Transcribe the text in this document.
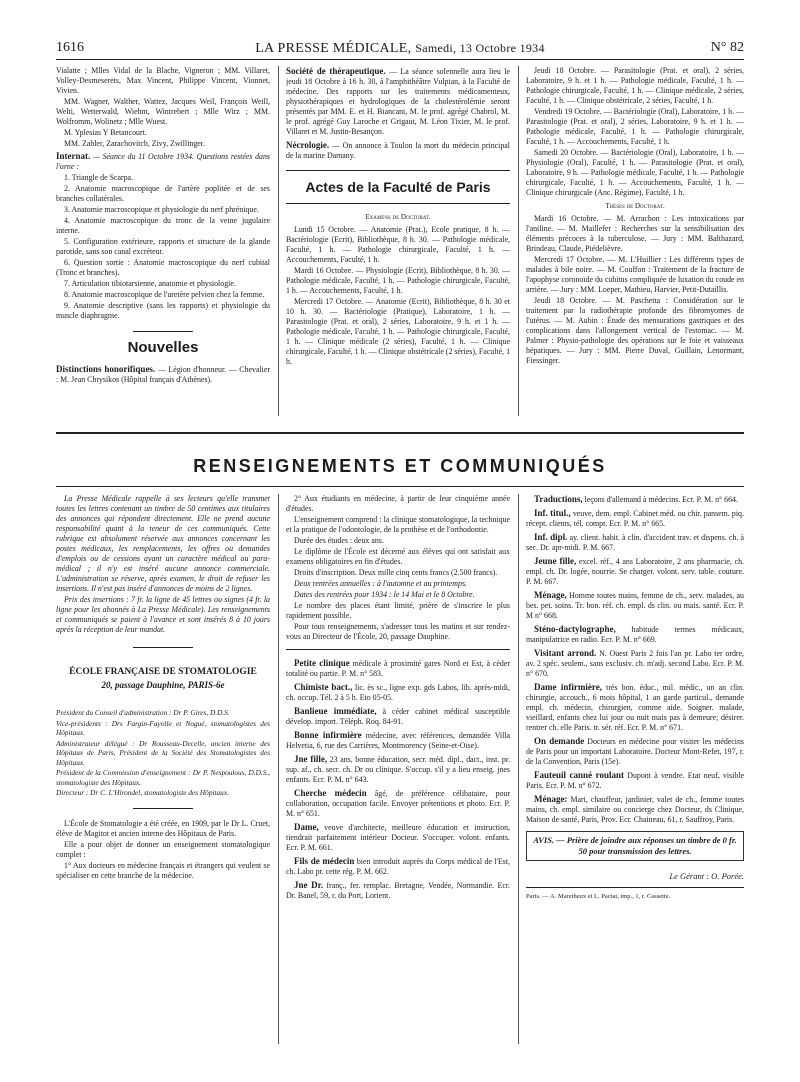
1616	LA PRESSE MÉDICALE, Samedi, 13 Octobre 1934	N° 82

Vialatte ; Mlles Vidal de la Blache, Vigneron ; MM. Villaret, Volley-Desmeserets, Max Vincent, Philippe Vincent, Vionnet, Vivien.

MM. Wagner, Walther, Wattez, Jacques Weil, François Weill, Welti, Wetterwald, Wiehm, Wintrebert ; Mlle Wirz ; MM. Wolfromm, Wolinetz ; Mlle Wuest.

M. Yplesias Y Betancourt.

MM. Zahler, Zarachovitch, Zivy, Zwillinger.

Internat. — Séance du 11 Octobre 1934. Questions restées dans l'urne :

1. Triangle de Scarpa.

2. Anatomie macroscopique de l'artère poplitée et de ses branches collatérales.

3. Anatomie macroscopique et physiologie du nerf phrénique.

4. Anatomie macroscopique du tronc de la veine jugulaire interne.

5. Configuration extérieure, rapports et structure de la glande parotide, sans son canal excréteur.

6. Question sortie : Anatomie macroscopique du nerf cubital (Tronc et branches).

7. Articulation tibiotarsienne, anatomie et physiologie.

8. Anatomie macroscopique de l'uretère pelvien chez la femme.

9. Anatomie descriptive (sans les rapports) et physiologie du muscle diaphragme.

Nouvelles

Distinctions honorifiques. — Légion d'honneur. — Chevalier : M. Jean Chrysikos (Hôpital français d'Athènes).

Société de thérapeutique. — La séance solennelle aura lieu le jeudi 18 Octobre à 16 h. 30, à l'amphithéâtre Vulpian, à la Faculté de médecine. Des rapports sur les traitements médicamenteux, physiothérapiques et hydrologiques de la cholestérolémie seront présentés par MM. E. et H. Biancani, M. le prof. agrégé Chabrol, M. le prof. agrégé Guy Laroche et Grigaut, M. Léon Tixier, M. le prof. Villaret et M. Justin-Besançon.

Nécrologie. — On annonce à Toulon la mort du médecin principal de la marine Damany.

Actes de la Faculté de Paris
Examens de Doctorat.

Lundi 15 Octobre. — Anatomie (Prat.), Ecole pratique, 8 h. — Bactériologie (Ecrit), Bibliothèque, 8 h. 30. — Pathologie médicale, Faculté, 1 h. — Pathologie chirurgicale, Faculté, 1 h. — Accouchements, Faculté, 1 h.

Mardi 16 Octobre. — Physiologie (Ecrit), Bibliothèque, 8 h. 30. — Pathologie médicale, Faculté, 1 h. — Pathologie chirurgicale, Faculté, 1 h. — Accouchements, Faculté, 1 h.

Mercredi 17 Octobre. — Anatomie (Ecrit), Bibliothèque, 8 h. 30 et 10 h. 30. — Bactériologie (Pratique), Laboratoire, 1 h. — Parasitologie (Prat. et oral), 2 séries, Laboratoire, 9 h. et 1 h. — Pathologie médicale, Faculté, 1 h. — Pathologie chirurgicale, Faculté, 1 h. — Clinique médicale (2 séries), Faculté, 1 h. — Clinique chirurgicale, Faculté, 1 h. — Clinique obstétricale (2 séries), Faculté, 1 h.

Jeudi 18 Octobre. — Parasitologie (Prat. et oral), 2 séries, Laboratoire, 9 h. et 1 h. — Pathologie médicale, Faculté, 1 h. — Pathologie chirurgicale, Faculté, 1 h. — Clinique médicale, 2 séries, Faculté, 1 h. — Clinique obstétricale, 2 séries, Faculté, 1 h.

Vendredi 19 Octobre. — Bactériologie (Oral), Laboratoire, 1 h. — Parasitologie (Prat. et oral), 2 séries, Laboratoire, 9 h. et 1 h. — Pathologie médicale, Faculté, 1 h. — Pathologie chirurgicale, Faculté, 1 h. — Accouchements, Faculté, 1 h.

Samedi 20 Octobre. — Bactériologie (Oral), Laboratoire, 1 h. — Physiologie (Oral), Faculté, 1 h. — Parasitologie (Prat. et oral), Laboratoire, 9 h. — Pathologie médicale, Faculté, 1 h. — Pathologie chirurgicale, Faculté, 1 h. — Accouchements, Faculté, 1 h. — Clinique chirurgicale (Anc. Régime), Faculté, 1 h.

Thèses de Doctorat.

Mardi 16 Octobre. — M. Arrachon : Les intoxications par l'aniline. — M. Maillefer : Recherches sur la sensibilisation des éléments précoces à la tuberculose. — Jury : MM. Balthazard, Brindeau, Claude, Piédelièvre.

Mercredi 17 Octobre. — M. L'Huillier : Les différents types de malades à bile noire. — M. Couffon : Traitement de la fracture de l'apophyse coronoïde du cubitus compliquée de luxation du coude en arrière. — Jury : MM. Loeper, Mathieu, Harvier, Petit-Dutaillis.

Jeudi 18 Octobre. — M. Paschetta : Considération sur le traitement par la radiothérapie profonde des fibromyomes de l'utérus. — M. Aubin : Étude des mensurations gastriques et des complications dans l'allongement vertical de l'estomac. — M. Palmer : Physio-pathologie des opérations sur le foie et vaisseaux hépatiques. — Jury : MM. Pierre Duval, Guillain, Lenormant, Fiessinger.

RENSEIGNEMENTS ET COMMUNIQUÉS

La Presse Médicale rappelle à ses lecteurs qu'elle transmet toutes les lettres contenant un timbre de 50 centimes aux titulaires des annonces qui répondent directement. Elle ne prend aucune responsabilité quant à la teneur de ces communiqués. Cette rubrique est absolument réservée aux annonces concernant les postes médicaux, les remplacements, les offres ou demandes d'emplois ou de cessions ayant un caractère médical ou para-médical ; il n'y est inséré aucune annonce commerciale. L'administration se réserve, après examen, le droit de refuser les insertions. Il n'est pas inséré d'annonces de moins de 2 lignes.

Prix des insertions : 7 fr. la ligne de 45 lettres ou signes (4 fr. la ligne pour les abonnés à La Presse Médicale). Les renseignements et communiqués se paient à l'avance et sont insérés 8 à 10 jours après la réception de leur mandat.

ÉCOLE FRANÇAISE DE STOMATOLOGIE
20, passage Dauphine, PARIS-6e

Président du Conseil d'administration : Dr P. Gires, D.D.S.

Vice-présidents : Drs Fargin-Fayolle et Nogué, stomatologistes des Hôpitaux.

Administrateur délégué : Dr Rousseau-Decelle, ancien interne des Hôpitaux de Paris, Président de la Société des Stomatologistes des Hôpitaux.

Président de la Commission d'enseignement : Dr P. Nespoulous, D.D.S., stomatologiste des Hôpitaux.

Directeur : Dr C. L'Hirondel, stomatologiste des Hôpitaux.

L'École de Stomatologie a été créée, en 1909, par le Dr L. Cruet, élève de Magitot et ancien interne des Hôpitaux de Paris.

Elle a pour objet de donner un enseignement stomatologique complet :

1° Aux docteurs en médecine français et étrangers qui veulent se spécialiser en cette branche de la médecine.

2° Aux étudiants en médecine, à partir de leur cinquième année d'études.

L'enseignement comprend : la clinique stomatologique, la technique et la pratique de l'odontologie, de la prothèse et de l'orthodontie.

Durée des études : deux ans.

Le diplôme de l'École est décerné aux élèves qui ont satisfait aux examens obligatoires en fin d'études.

Droits d'inscription. Deux mille cinq cents francs (2.500 francs).

Deux rentrées annuelles : à l'automne et au printemps.

Dates des rentrées pour 1934 : le 14 Mai et le 8 Octobre.

Le nombre des places étant limité, prière de s'inscrire le plus rapidement possible.

Pour tous renseignements, s'adresser tous les matins et sur rendez-vous au Directeur de l'École, 20, passage Dauphine.

Petite clinique médicale à proximité gares Nord et Est, à céder totalité ou partie. P. M. n° 583.

Chimiste bact., lic. ès sc., ligne exp. gds Labos, lib. après-midi, ch. occup. Tél. 2 à 5 h. Eto 05-05.

Banlieue immédiate, à céder cabinet médical susceptible dévelop. import. Téléph. Roq. 84-91.

Bonne infirmière médecine, avec références, demandée Villa Helvetia, 6, rue des Carrières, Montmorency (Seine-et-Oise).

Jne fille, 23 ans, bonne éducation, secr. méd. dipl., dact., inst. pr. sup. af., ch. secr. ch. Dr ou clinique. S'occup. s'il y a lieu enseig. jnes enfants. Ecr. P. M. n° 643.

Cherche médecin âgé, de préférence célibataire, pour collaboration, occupation facile. Envoyer prétentions et photo. Ecr. P. M. n° 651.

Dame, veuve d'architecte, meilleure éducation et instruction, tiendrait parfaitement intérieur Docteur. S'occuper. volont. enfants. Ecr. P. M. 661.

Fils de médecin bien introduit auprès du Corps médical de l'Est, ch. Labo pr. cette rég. P. M. 662.

Jne Dr. franç., fer. remplac. Bretagne, Vendée, Normandie. Ecr. Dr. Banel, 59, r. du Port, Lorient.

Traductions, leçons d'allemand à médecins. Ecr. P. M. n° 664.

Inf. titul., veuve, dem. empl. Cabinet méd. ou chir. pansem. piq. récept. clients, tél. compt. Ecr. P. M. n° 665.

Inf. dipl. ay. client. habit. à clin. d'accident trav. et dispens. ch. à sec. Dr. apr-midi. P. M. 667.

Jeune fille, excel. réf., 4 ans Laboratoire, 2 ans pharmacie, ch. empl. ch. Dr. logée, nourrie. Se charger. volont. serv. table. couture. P. M. 667.

Ménage, Homme toutes mains, femme de ch., serv. malades, au bes. pet. soins. Tr. bon. réf. ch. empl. ds clin. ou mais. santé. Ecr. P. M n° 668.

Sténo-dactylographe, habitude termes médicaux, manipulatrice en radio. Ecr. P. M. n° 669.

Visitant arrond. N. Ouest Paris 2 fois l'an pr. Labo ter ordre, av. 2 spéc. seulem., sans exclusiv. ch. m'adj. second Labo. Ecr. P. M. n° 670.

Dame infirmière, très bon. éduc., mil. médic., un an clin. chirurgie, accouch., 6 mois hôpital, 1 an garde particul., demande empl. ch. médecin, chirurgien, comme aide. Soigner. malade, vieillard, enfants chez lui jour ou nuit mais pas à demeure; désirer. rentrer ch. elle Paris. tr. sér. réf. Ecr. P. M. n° 671.

On demande Docteurs en médecine pour visiter les médecins de Paris pour un important Laboratoire. Docteur Mont-Refet, 197, r. de la Convention, Paris (15e).

Fauteuil canné roulant Dupont à vendre. Etat neuf, visible Paris. Ecr. P. M. n° 672.

Ménage: Mari, chauffeur, jardinier, valet de ch., femme toutes mains, ch. empl. similaire ou concierge chez Docteur, ds Clinique, Maison de santé, Paris, Prov. Ecr. Chaineau, 61, r. Sauffroy, Paris.

AVIS. — Prière de joindre aux réponses un timbre de 0 fr. 50 pour transmission des lettres.
Le Gérant : O. Porée.
Paris. — A. Maretheux et L. Pactat, imp., 1, r. Cassette.
